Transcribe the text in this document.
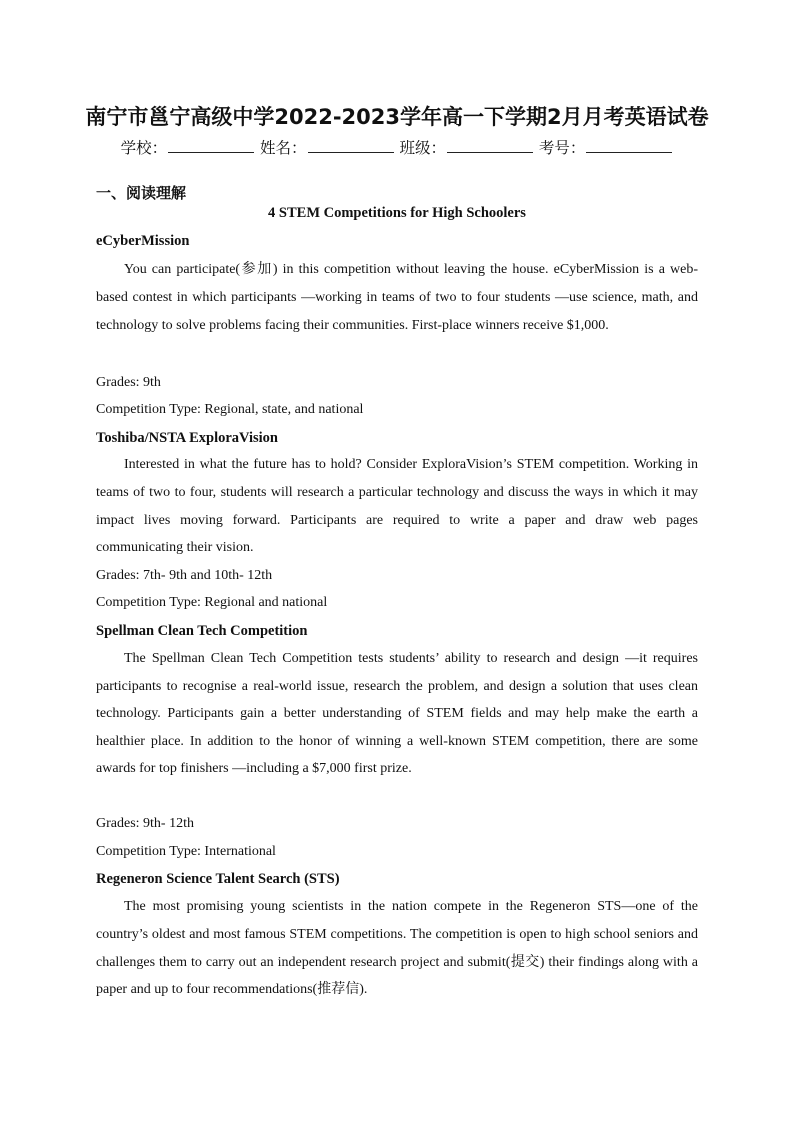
南宁市邕宁高级中学2022-2023学年高一下学期2月月考英语试卷
学校：	姓名：	班级：	考号：
一、阅读理解
4 STEM Competitions for High Schoolers
eCyberMission
You can participate(参加) in this competition without leaving the house. eCyberMission is a web-based contest in which participants —working in teams of two to four students —use science, math, and technology to solve problems facing their communities. First-place winners receive $1,000.
Grades: 9th
Competition Type: Regional, state, and national
Toshiba/NSTA ExploraVision
Interested in what the future has to hold? Consider ExploraVision’s STEM competition. Working in teams of two to four, students will research a particular technology and discuss the ways in which it may impact lives moving forward. Participants are required to write a paper and draw web pages communicating their vision.
Grades: 7th- 9th and 10th- 12th
Competition Type: Regional and national
Spellman Clean Tech Competition
The Spellman Clean Tech Competition tests students’ ability to research and design —it requires participants to recognise a real-world issue, research the problem, and design a solution that uses clean technology. Participants gain a better understanding of STEM fields and may help make the earth a healthier place. In addition to the honor of winning a well-known STEM competition, there are some awards for top finishers —including a $7,000 first prize.
Grades: 9th- 12th
Competition Type: International
Regeneron Science Talent Search (STS)
The most promising young scientists in the nation compete in the Regeneron STS—one of the country’s oldest and most famous STEM competitions. The competition is open to high school seniors and challenges them to carry out an independent research project and submit(提交) their findings along with a paper and up to four recommendations(推荐信).
